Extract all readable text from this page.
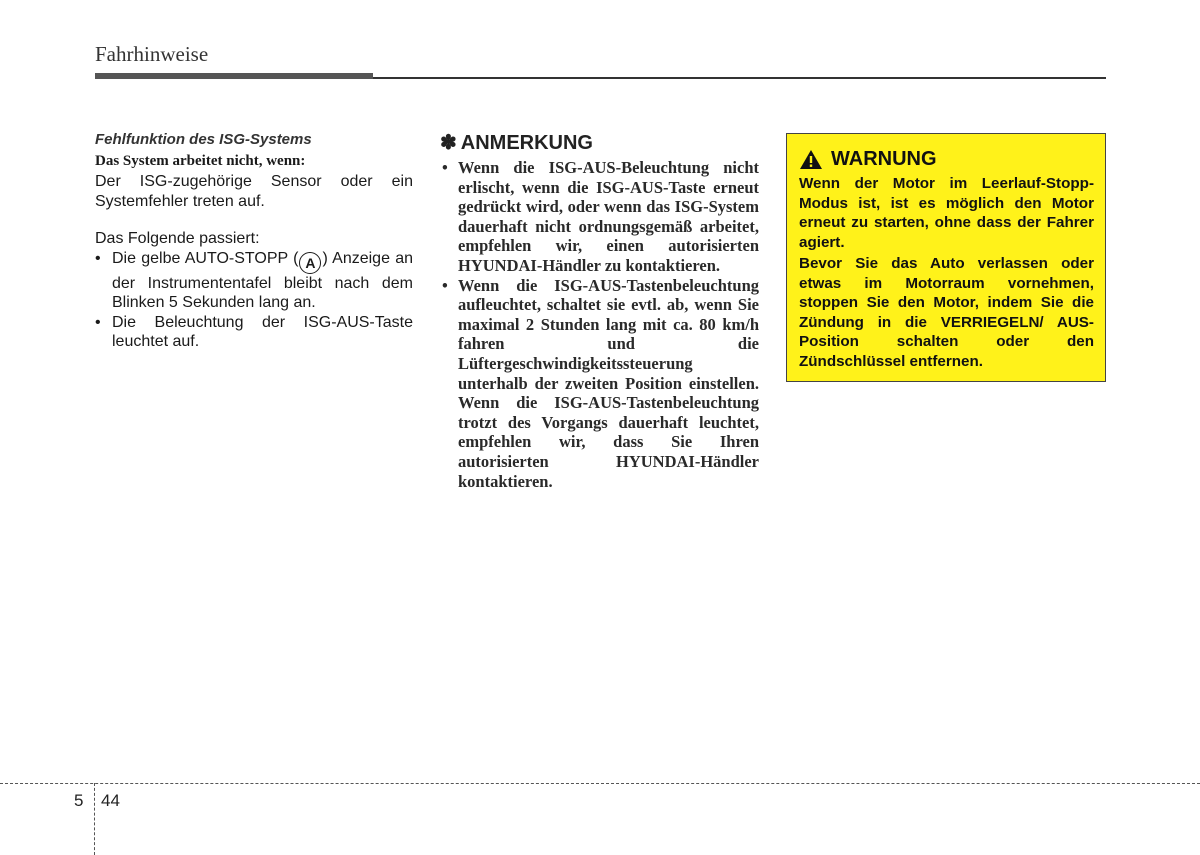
Fahrhinweise
Fehlfunktion des ISG-Systems
Das System arbeitet nicht, wenn:
Der ISG-zugehörige Sensor oder ein Systemfehler treten auf.
Das Folgende passiert:
• Die gelbe AUTO-STOPP ( A ) Anzeige an der Instrumententafel bleibt nach dem Blinken 5 Sekunden lang an.
• Die Beleuchtung der ISG-AUS-Taste leuchtet auf.
✽ ANMERKUNG
• Wenn die ISG-AUS-Beleuchtung nicht erlischt, wenn die ISG-AUS-Taste erneut gedrückt wird, oder wenn das ISG-System dauerhaft nicht ordnungsgemäß arbeitet, empfehlen wir, einen autorisierten HYUNDAI-Händler zu kontaktieren.
• Wenn die ISG-AUS-Tastenbeleuchtung aufleuchtet, schaltet sie evtl. ab, wenn Sie maximal 2 Stunden lang mit ca. 80 km/h fahren und die Lüftergeschwindigkeitssteuerung unterhalb der zweiten Position einstellen. Wenn die ISG-AUS-Tastenbeleuchtung trotzt des Vorgangs dauerhaft leuchtet, empfehlen wir, dass Sie Ihren autorisierten HYUNDAI-Händler kontaktieren.
WARNUNG
Wenn der Motor im Leerlauf-Stopp-Modus ist, ist es möglich den Motor erneut zu starten, ohne dass der Fahrer agiert.
Bevor Sie das Auto verlassen oder etwas im Motorraum vornehmen, stoppen Sie den Motor, indem Sie die Zündung in die VERRIEGELN/ AUS-Position schalten oder den Zündschlüssel entfernen.
5 44
